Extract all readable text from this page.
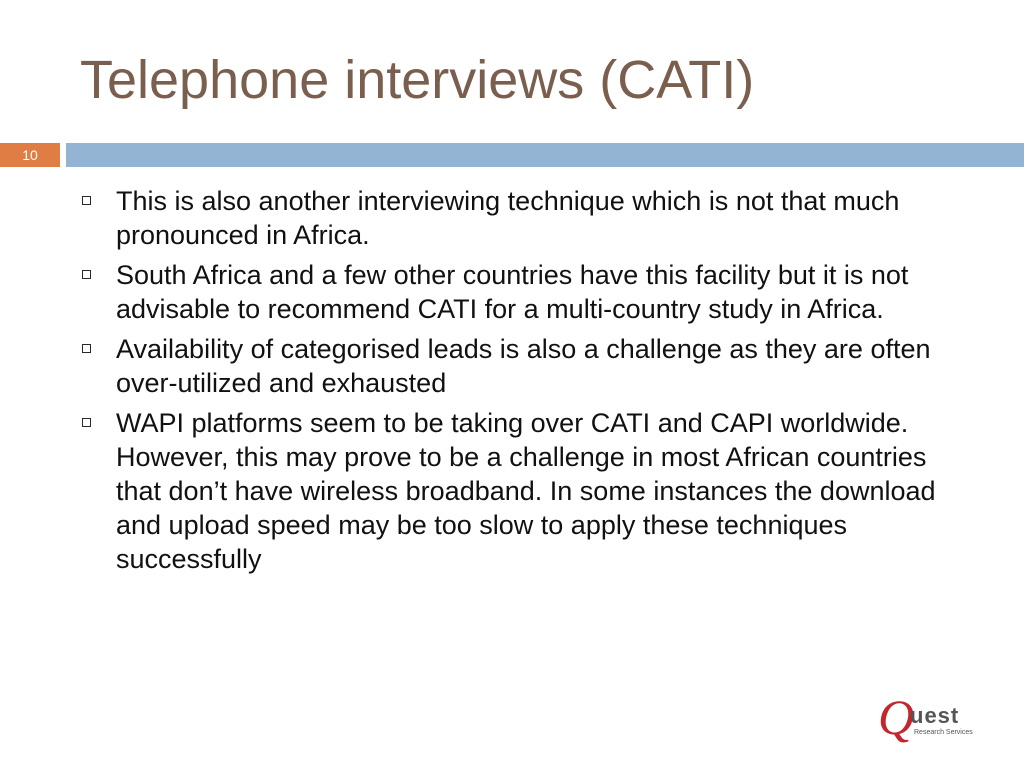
Telephone interviews (CATI)
10
This is also another interviewing technique which is not that much pronounced in Africa.
South Africa and a few other countries have this facility but it is not advisable to recommend CATI for a multi-country study in Africa.
Availability of categorised leads is also a challenge as they are often over-utilized and exhausted
WAPI platforms seem to be taking over CATI and CAPI worldwide. However, this may prove to be a challenge in most African countries that don’t have wireless broadband. In some instances the download and upload speed may be too slow to apply these techniques successfully
Q
uest
Research Services
